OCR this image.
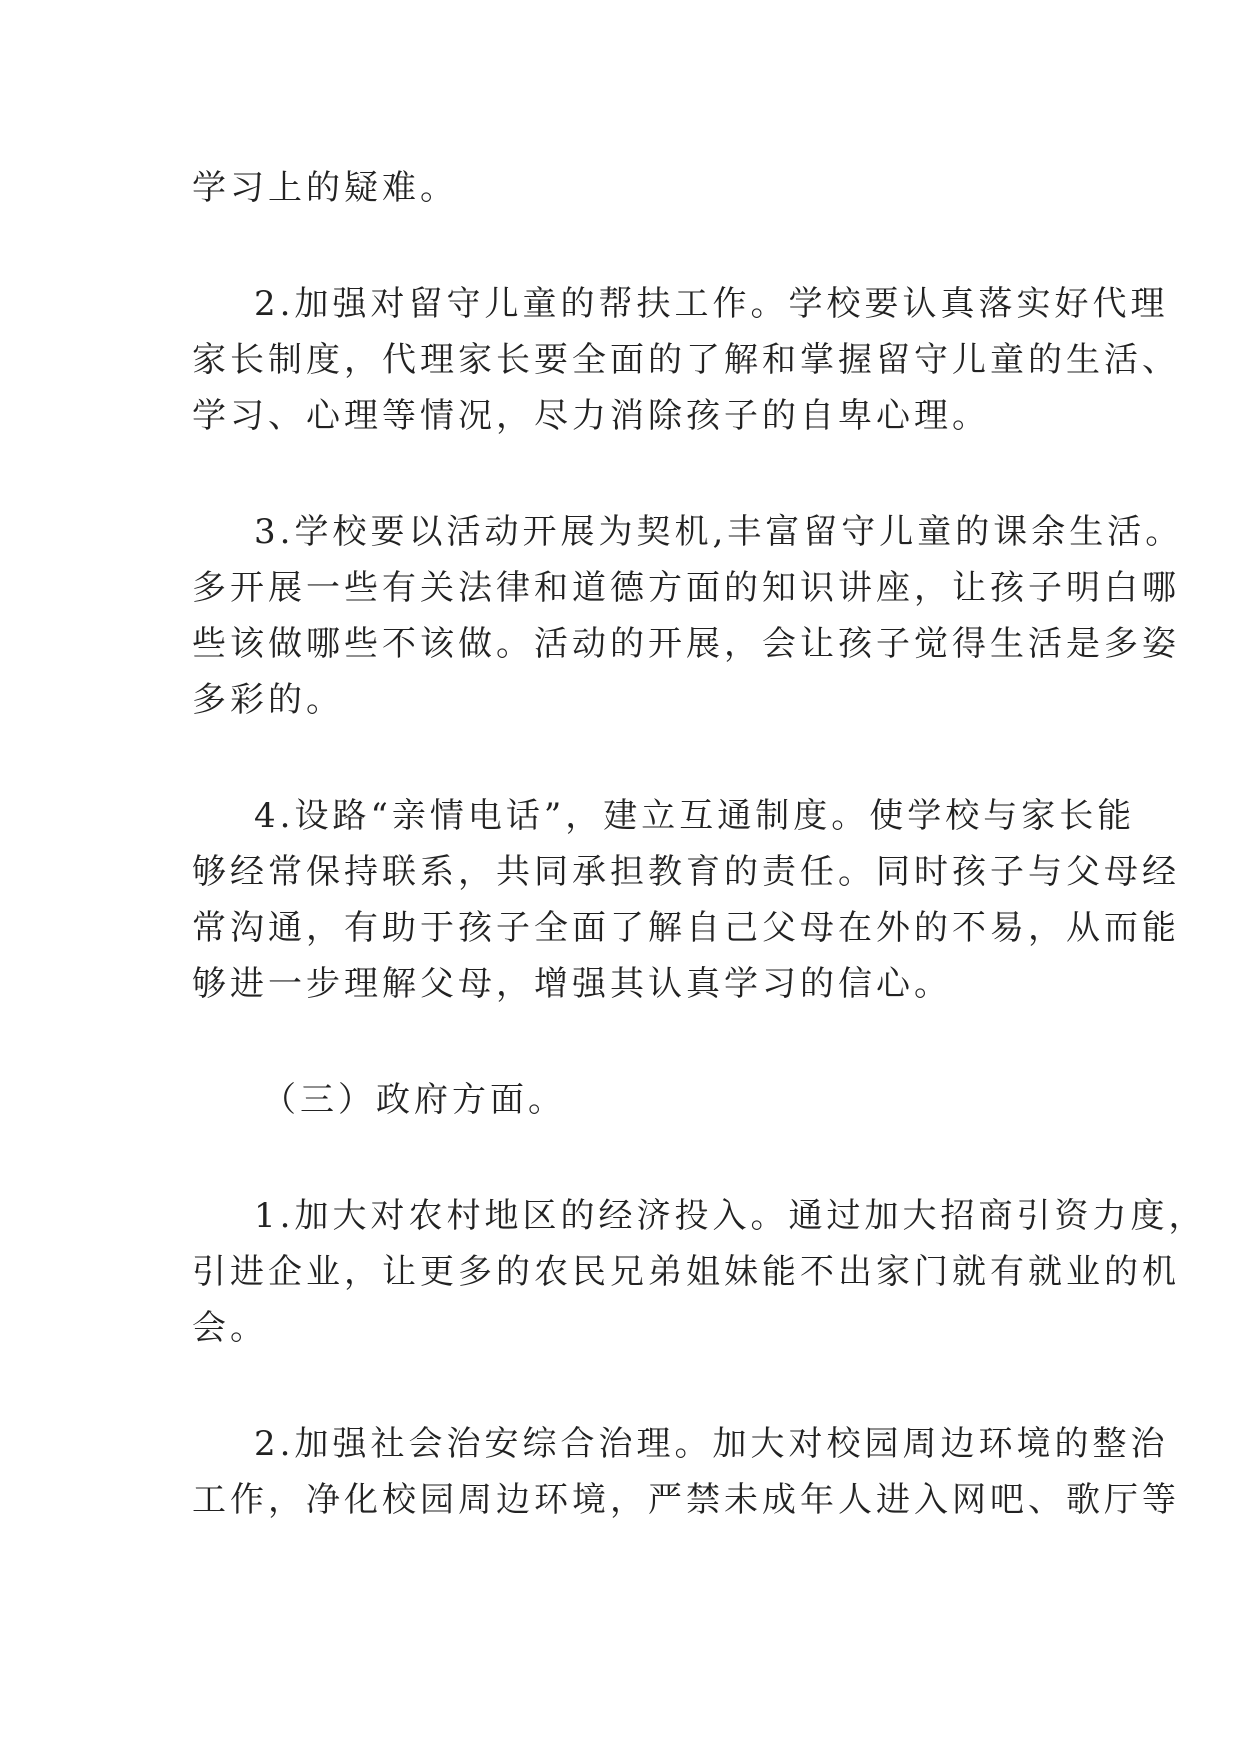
学习上的疑难。
2.加强对留守儿童的帮扶工作。学校要认真落实好代理
家长制度，代理家长要全面的了解和掌握留守儿童的生活、
学习、心理等情况，尽力消除孩子的自卑心理。
3.学校要以活动开展为契机,丰富留守儿童的课余生活。
多开展一些有关法律和道德方面的知识讲座，让孩子明白哪
些该做哪些不该做。活动的开展，会让孩子觉得生活是多姿
多彩的。
4.设路“亲情电话”，建立互通制度。使学校与家长能
够经常保持联系，共同承担教育的责任。同时孩子与父母经
常沟通，有助于孩子全面了解自己父母在外的不易，从而能
够进一步理解父母，增强其认真学习的信心。
（三）政府方面。
1.加大对农村地区的经济投入。通过加大招商引资力度，
引进企业，让更多的农民兄弟姐妹能不出家门就有就业的机
会。
2.加强社会治安综合治理。加大对校园周边环境的整治
工作，净化校园周边环境，严禁未成年人进入网吧、歌厅等
